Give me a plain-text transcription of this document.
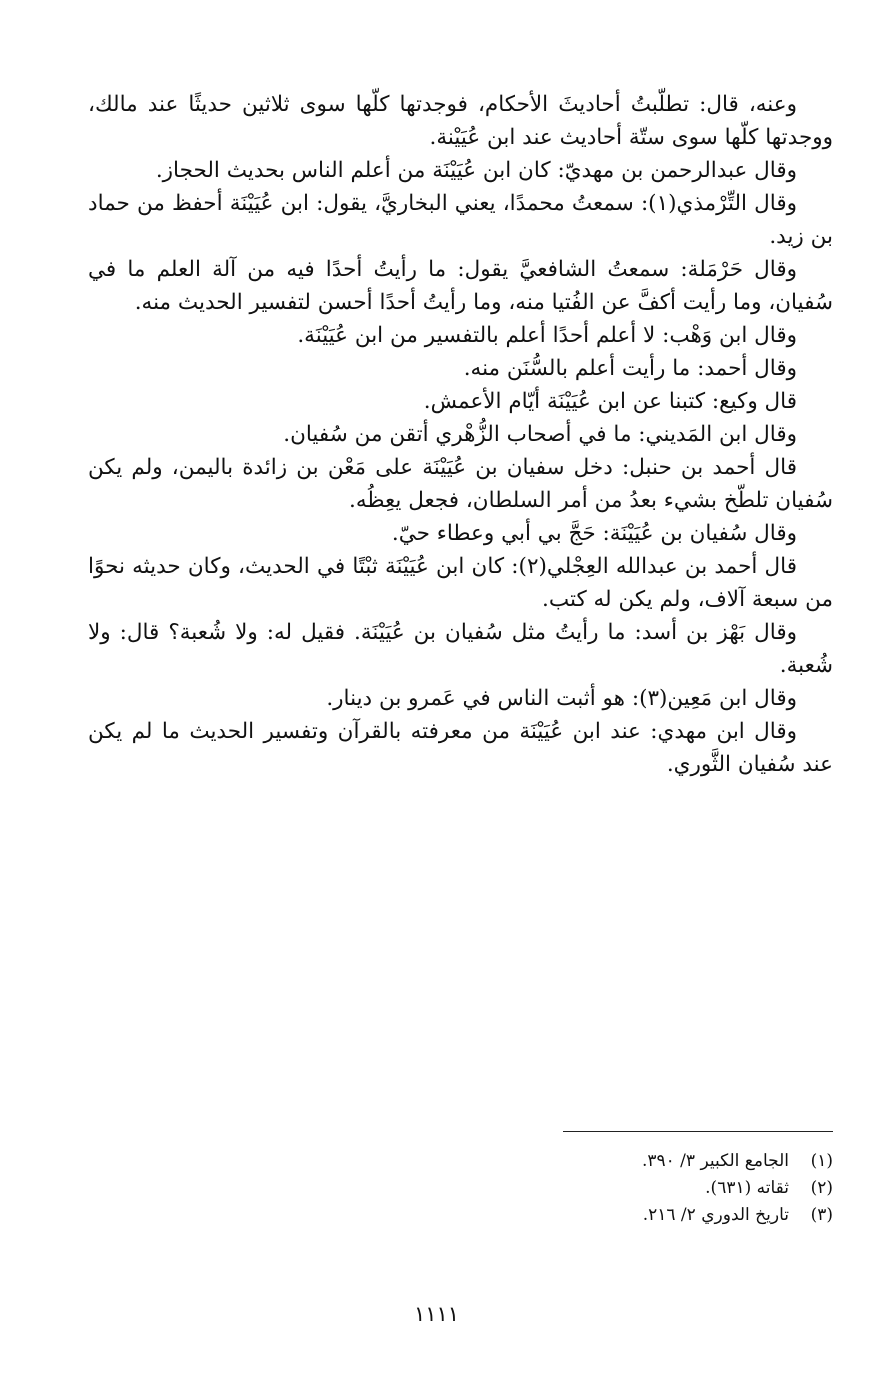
وعنه، قال: تطلّبتُ أحاديثَ الأحكام، فوجدتها كلّها سوى ثلاثين حديثًا عند مالك، ووجدتها كلّها سوى ستّة أحاديث عند ابن عُيَيْنة.

وقال عبدالرحمن بن مهديّ: كان ابن عُيَيْنَة من أعلم الناس بحديث الحجاز.

وقال التِّرْمذي(١): سمعتُ محمدًا، يعني البخاريَّ، يقول: ابن عُيَيْنَة أحفظ من حماد بن زيد.

وقال حَرْمَلة: سمعتُ الشافعيَّ يقول: ما رأيتُ أحدًا فيه من آلة العلم ما في سُفيان، وما رأيت أكفَّ عن الفُتيا منه، وما رأيتُ أحدًا أحسن لتفسير الحديث منه.

وقال ابن وَهْب: لا أعلم أحدًا أعلم بالتفسير من ابن عُيَيْنَة.

وقال أحمد: ما رأيت أعلم بالسُّنَن منه.

قال وكيع: كتبنا عن ابن عُيَيْنَة أيّام الأعمش.

وقال ابن المَديني: ما في أصحاب الزُّهْري أتقن من سُفيان.

قال أحمد بن حنبل: دخل سفيان بن عُيَيْنَة على مَعْن بن زائدة باليمن، ولم يكن سُفيان تلطّخ بشيء بعدُ من أمر السلطان، فجعل يعِظُه.

وقال سُفيان بن عُيَيْنَة: حَجَّ بي أبي وعطاء حيّ.

قال أحمد بن عبدالله العِجْلي(٢): كان ابن عُيَيْنَة ثبْتًا في الحديث، وكان حديثه نحوًا من سبعة آلاف، ولم يكن له كتب.

وقال بَهْز بن أسد: ما رأيتُ مثل سُفيان بن عُيَيْنَة. فقيل له: ولا شُعبة؟ قال: ولا شُعبة.

وقال ابن مَعِين(٣): هو أثبت الناس في عَمرو بن دينار.

وقال ابن مهدي: عند ابن عُيَيْنَة من معرفته بالقرآن وتفسير الحديث ما لم يكن عند سُفيان الثَّوري.

(١)الجامع الكبير ٣/ ٣٩٠.
(٢)ثقاته (٦٣١).
(٣)تاريخ الدوري ٢/ ٢١٦.
١١١١
